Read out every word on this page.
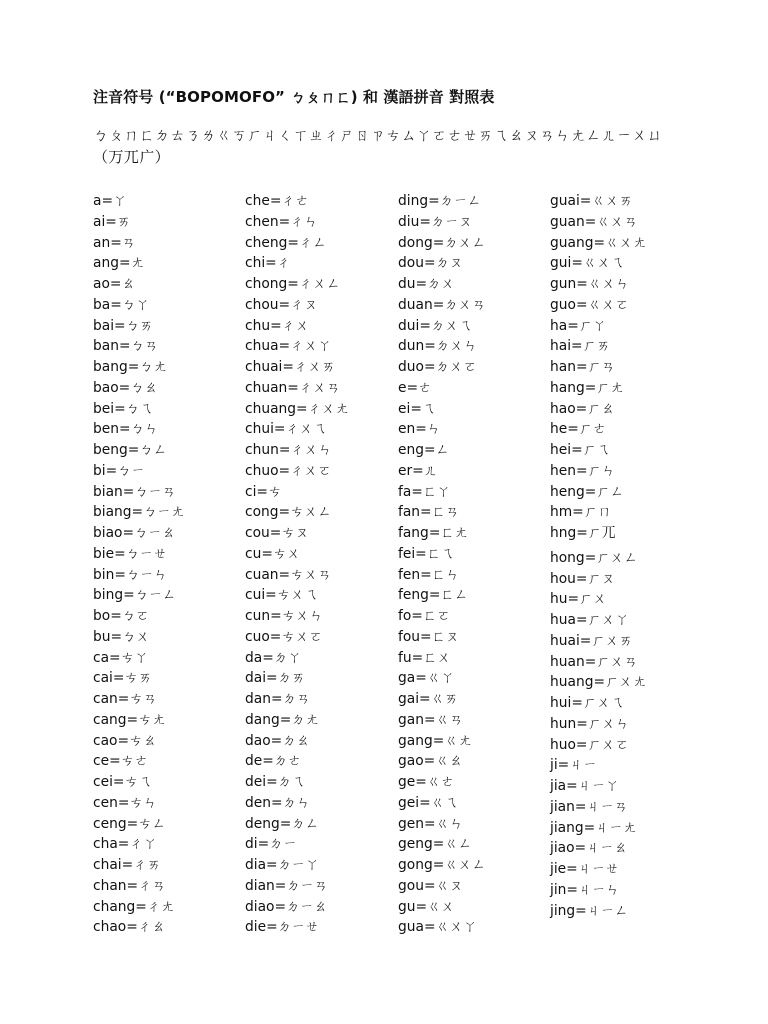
注音符号 (“BOPOMOFO” ㄅㄆㄇㄈ) 和 漢語拼音 對照表

ㄅㄆㄇㄈㄉㄊㄋㄌㄍㄎㄏㄐㄑㄒㄓㄔㄕㄖㄗㄘㄙㄚㄛㄜㄝㄞㄟㄠㄡㄢㄣㄤㄥㄦㄧㄨㄩ
（ㄪㄫㄬ）

a=ㄚ
ai=ㄞ
an=ㄢ
ang=ㄤ
ao=ㄠ
ba=ㄅㄚ
bai=ㄅㄞ
ban=ㄅㄢ
bang=ㄅㄤ
bao=ㄅㄠ
bei=ㄅㄟ
ben=ㄅㄣ
beng=ㄅㄥ
bi=ㄅㄧ
bian=ㄅㄧㄢ
biang=ㄅㄧㄤ
biao=ㄅㄧㄠ
bie=ㄅㄧㄝ
bin=ㄅㄧㄣ
bing=ㄅㄧㄥ
bo=ㄅㄛ
bu=ㄅㄨ
ca=ㄘㄚ
cai=ㄘㄞ
can=ㄘㄢ
cang=ㄘㄤ
cao=ㄘㄠ
ce=ㄘㄜ
cei=ㄘㄟ
cen=ㄘㄣ
ceng=ㄘㄥ
cha=ㄔㄚ
chai=ㄔㄞ
chan=ㄔㄢ
chang=ㄔㄤ
chao=ㄔㄠ
che=ㄔㄜ
chen=ㄔㄣ
cheng=ㄔㄥ
chi=ㄔ
chong=ㄔㄨㄥ
chou=ㄔㄡ
chu=ㄔㄨ
chua=ㄔㄨㄚ
chuai=ㄔㄨㄞ
chuan=ㄔㄨㄢ
chuang=ㄔㄨㄤ
chui=ㄔㄨㄟ
chun=ㄔㄨㄣ
chuo=ㄔㄨㄛ
ci=ㄘ
cong=ㄘㄨㄥ
cou=ㄘㄡ
cu=ㄘㄨ
cuan=ㄘㄨㄢ
cui=ㄘㄨㄟ
cun=ㄘㄨㄣ
cuo=ㄘㄨㄛ
da=ㄉㄚ
dai=ㄉㄞ
dan=ㄉㄢ
dang=ㄉㄤ
dao=ㄉㄠ
de=ㄉㄜ
dei=ㄉㄟ
den=ㄉㄣ
deng=ㄉㄥ
di=ㄉㄧ
dia=ㄉㄧㄚ
dian=ㄉㄧㄢ
diao=ㄉㄧㄠ
die=ㄉㄧㄝ
ding=ㄉㄧㄥ
diu=ㄉㄧㄡ
dong=ㄉㄨㄥ
dou=ㄉㄡ
du=ㄉㄨ
duan=ㄉㄨㄢ
dui=ㄉㄨㄟ
dun=ㄉㄨㄣ
duo=ㄉㄨㄛ
e=ㄜ
ei=ㄟ
en=ㄣ
eng=ㄥ
er=ㄦ
fa=ㄈㄚ
fan=ㄈㄢ
fang=ㄈㄤ
fei=ㄈㄟ
fen=ㄈㄣ
feng=ㄈㄥ
fo=ㄈㄛ
fou=ㄈㄡ
fu=ㄈㄨ
ga=ㄍㄚ
gai=ㄍㄞ
gan=ㄍㄢ
gang=ㄍㄤ
gao=ㄍㄠ
ge=ㄍㄜ
gei=ㄍㄟ
gen=ㄍㄣ
geng=ㄍㄥ
gong=ㄍㄨㄥ
gou=ㄍㄡ
gu=ㄍㄨ
gua=ㄍㄨㄚ
guai=ㄍㄨㄞ
guan=ㄍㄨㄢ
guang=ㄍㄨㄤ
gui=ㄍㄨㄟ
gun=ㄍㄨㄣ
guo=ㄍㄨㄛ
ha=ㄏㄚ
hai=ㄏㄞ
han=ㄏㄢ
hang=ㄏㄤ
hao=ㄏㄠ
he=ㄏㄜ
hei=ㄏㄟ
hen=ㄏㄣ
heng=ㄏㄥ
hm=ㄏㄇ
hng=ㄏㄫ
hong=ㄏㄨㄥ
hou=ㄏㄡ
hu=ㄏㄨ
hua=ㄏㄨㄚ
huai=ㄏㄨㄞ
huan=ㄏㄨㄢ
huang=ㄏㄨㄤ
hui=ㄏㄨㄟ
hun=ㄏㄨㄣ
huo=ㄏㄨㄛ
ji=ㄐㄧ
jia=ㄐㄧㄚ
jian=ㄐㄧㄢ
jiang=ㄐㄧㄤ
jiao=ㄐㄧㄠ
jie=ㄐㄧㄝ
jin=ㄐㄧㄣ
jing=ㄐㄧㄥ
